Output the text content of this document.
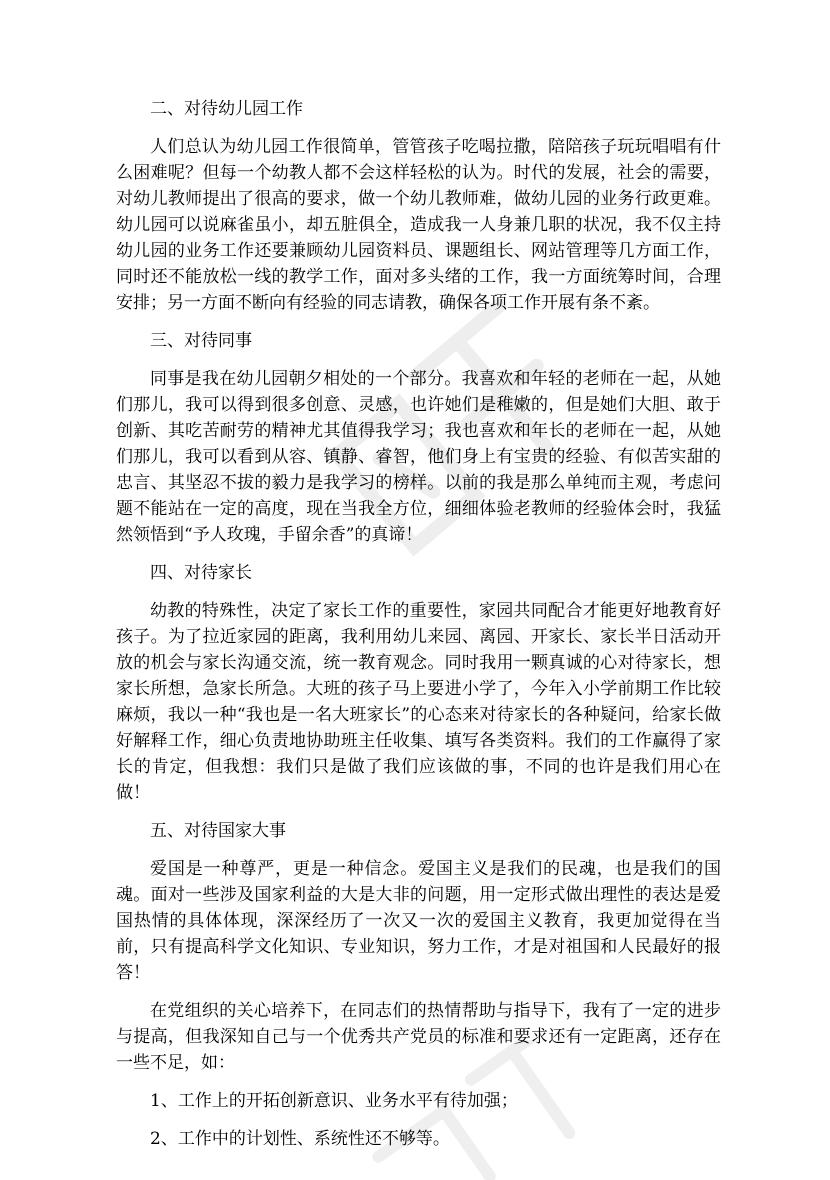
二、对待幼儿园工作

人们总认为幼儿园工作很简单，管管孩子吃喝拉撒，陪陪孩子玩玩唱唱有什么困难呢？但每一个幼教人都不会这样轻松的认为。时代的发展，社会的需要，对幼儿教师提出了很高的要求，做一个幼儿教师难，做幼儿园的业务行政更难。幼儿园可以说麻雀虽小，却五脏俱全，造成我一人身兼几职的状况，我不仅主持幼儿园的业务工作还要兼顾幼儿园资料员、课题组长、网站管理等几方面工作，同时还不能放松一线的教学工作，面对多头绪的工作，我一方面统筹时间，合理安排；另一方面不断向有经验的同志请教，确保各项工作开展有条不紊。

三、对待同事

同事是我在幼儿园朝夕相处的一个部分。我喜欢和年轻的老师在一起，从她们那儿，我可以得到很多创意、灵感，也许她们是稚嫩的，但是她们大胆、敢于创新、其吃苦耐劳的精神尤其值得我学习；我也喜欢和年长的老师在一起，从她们那儿，我可以看到从容、镇静、睿智，他们身上有宝贵的经验、有似苦实甜的忠言、其坚忍不拔的毅力是我学习的榜样。以前的我是那么单纯而主观，考虑问题不能站在一定的高度，现在当我全方位，细细体验老教师的经验体会时，我猛然领悟到“予人玫瑰，手留余香”的真谛！

四、对待家长

幼教的特殊性，决定了家长工作的重要性，家园共同配合才能更好地教育好孩子。为了拉近家园的距离，我利用幼儿来园、离园、开家长、家长半日活动开放的机会与家长沟通交流，统一教育观念。同时我用一颗真诚的心对待家长，想家长所想，急家长所急。大班的孩子马上要进小学了，今年入小学前期工作比较麻烦，我以一种“我也是一名大班家长”的心态来对待家长的各种疑问，给家长做好解释工作，细心负责地协助班主任收集、填写各类资料。我们的工作赢得了家长的肯定，但我想：我们只是做了我们应该做的事，不同的也许是我们用心在做！

五、对待国家大事

爱国是一种尊严，更是一种信念。爱国主义是我们的民魂，也是我们的国魂。面对一些涉及国家利益的大是大非的问题，用一定形式做出理性的表达是爱国热情的具体体现，深深经历了一次又一次的爱国主义教育，我更加觉得在当前，只有提高科学文化知识、专业知识，努力工作，才是对祖国和人民最好的报答！

在党组织的关心培养下，在同志们的热情帮助与指导下，我有了一定的进步与提高，但我深知自己与一个优秀共产党员的标准和要求还有一定距离，还存在一些不足，如：

1、工作上的开拓创新意识、业务水平有待加强；

2、工作中的计划性、系统性还不够等。
